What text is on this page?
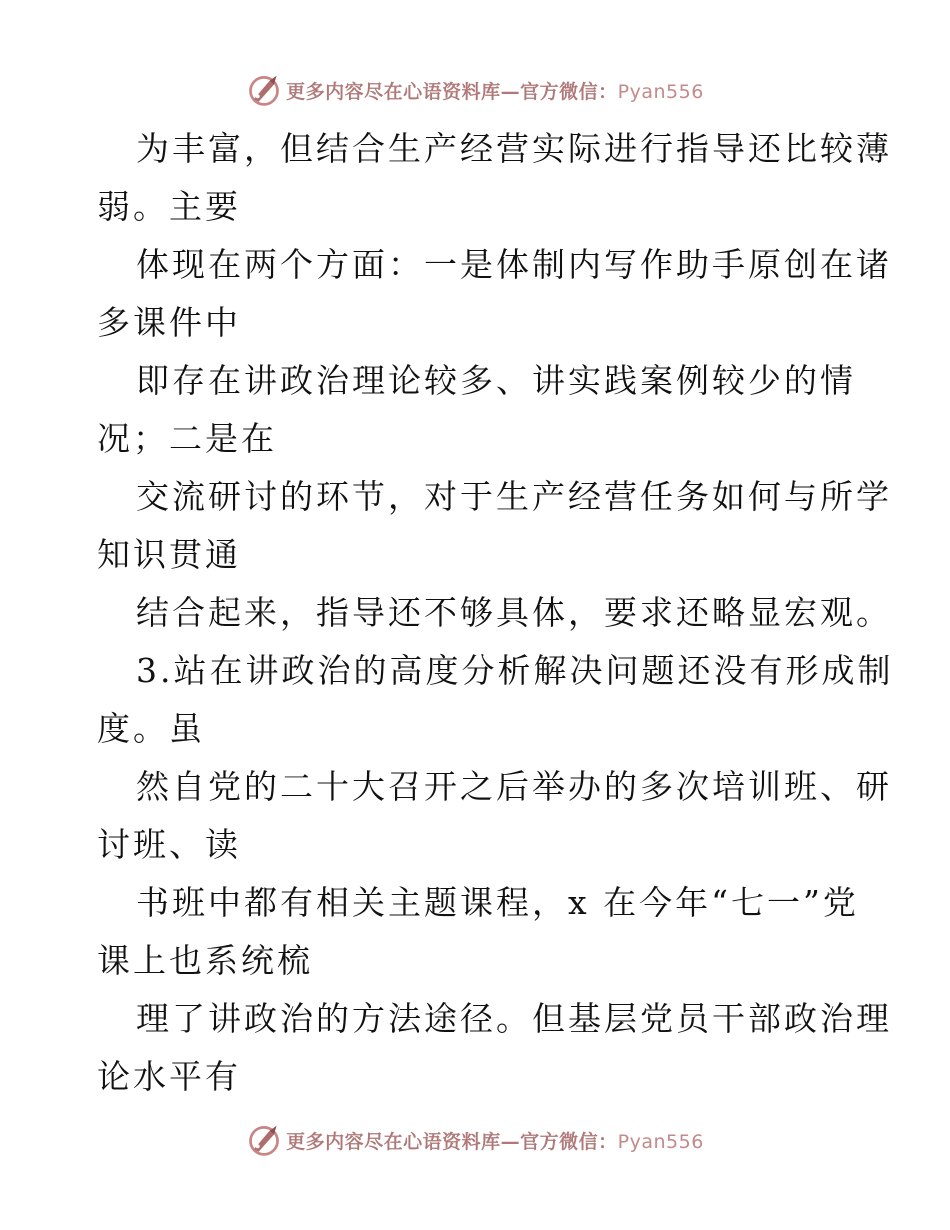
更多内容尽在心语资料库—官方微信：Pyan556
为丰富，但结合生产经营实际进行指导还比较薄
弱。主要
体现在两个方面：一是体制内写作助手原创在诸
多课件中
即存在讲政治理论较多、讲实践案例较少的情
况；二是在
交流研讨的环节，对于生产经营任务如何与所学
知识贯通
结合起来，指导还不够具体，要求还略显宏观。
3.站在讲政治的高度分析解决问题还没有形成制
度。虽
然自党的二十大召开之后举办的多次培训班、研
讨班、读
书班中都有相关主题课程，x 在今年“七一”党
课上也系统梳
理了讲政治的方法途径。但基层党员干部政治理
论水平有
更多内容尽在心语资料库—官方微信：Pyan556
